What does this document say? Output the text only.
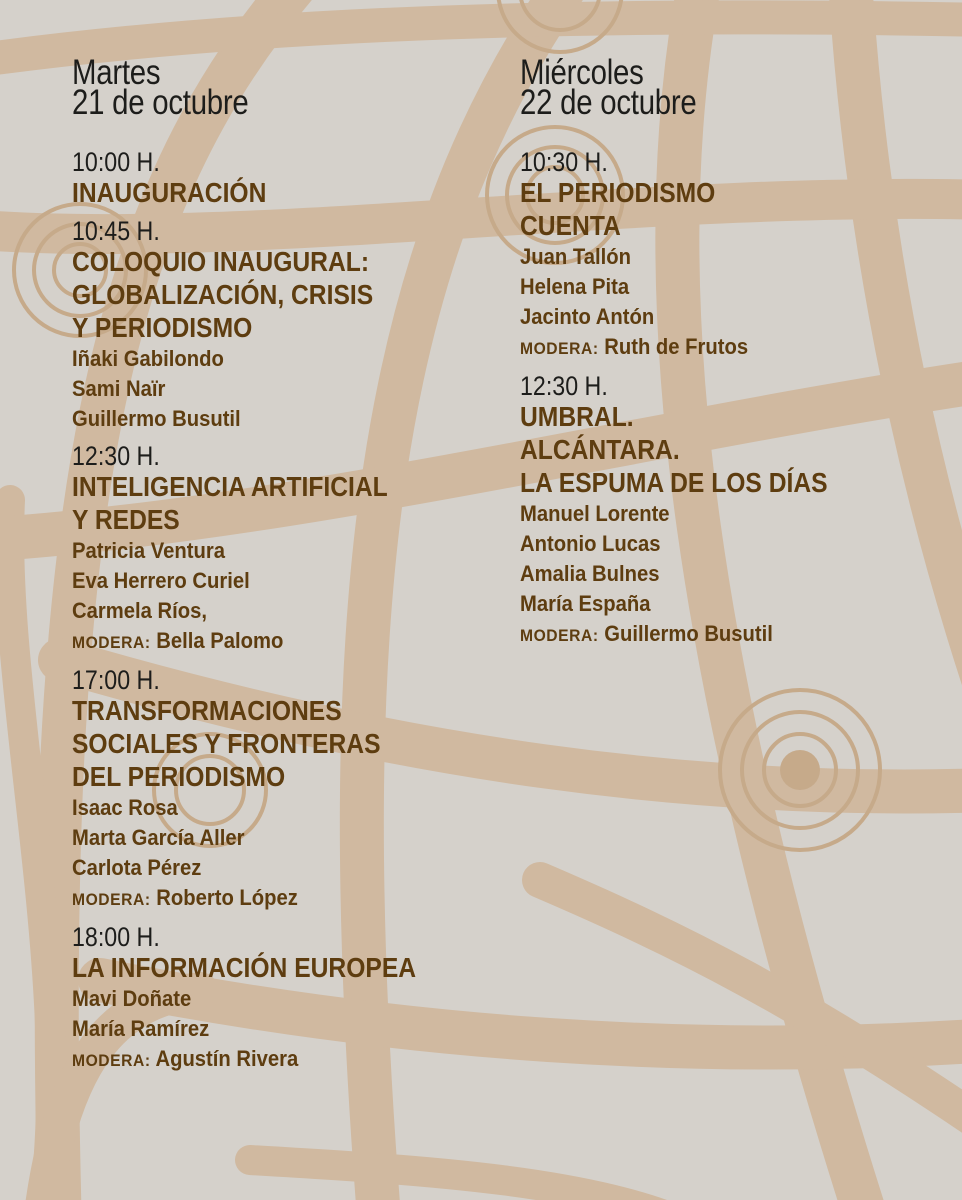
Martes
21 de octubre
10:00 H.
INAUGURACIÓN
10:45 H.
COLOQUIO INAUGURAL:
GLOBALIZACIÓN, CRISIS
Y PERIODISMO
Iñaki Gabilondo
Sami Naïr
Guillermo Busutil
12:30 H.
INTELIGENCIA ARTIFICIAL
Y REDES
Patricia Ventura
Eva Herrero Curiel
Carmela Ríos,
MODERA: Bella Palomo
17:00 H.
TRANSFORMACIONES
SOCIALES Y FRONTERAS
DEL PERIODISMO
Isaac Rosa
Marta García Aller
Carlota Pérez
MODERA: Roberto López
18:00 H.
LA INFORMACIÓN EUROPEA
Mavi Doñate
María Ramírez
MODERA: Agustín Rivera
Miércoles
22 de octubre
10:30 H.
EL PERIODISMO
CUENTA
Juan Tallón
Helena Pita
Jacinto Antón
MODERA: Ruth de Frutos
12:30 H.
UMBRAL.
ALCÁNTARA.
LA ESPUMA DE LOS DÍAS
Manuel Lorente
Antonio Lucas
Amalia Bulnes
María España
MODERA: Guillermo Busutil
